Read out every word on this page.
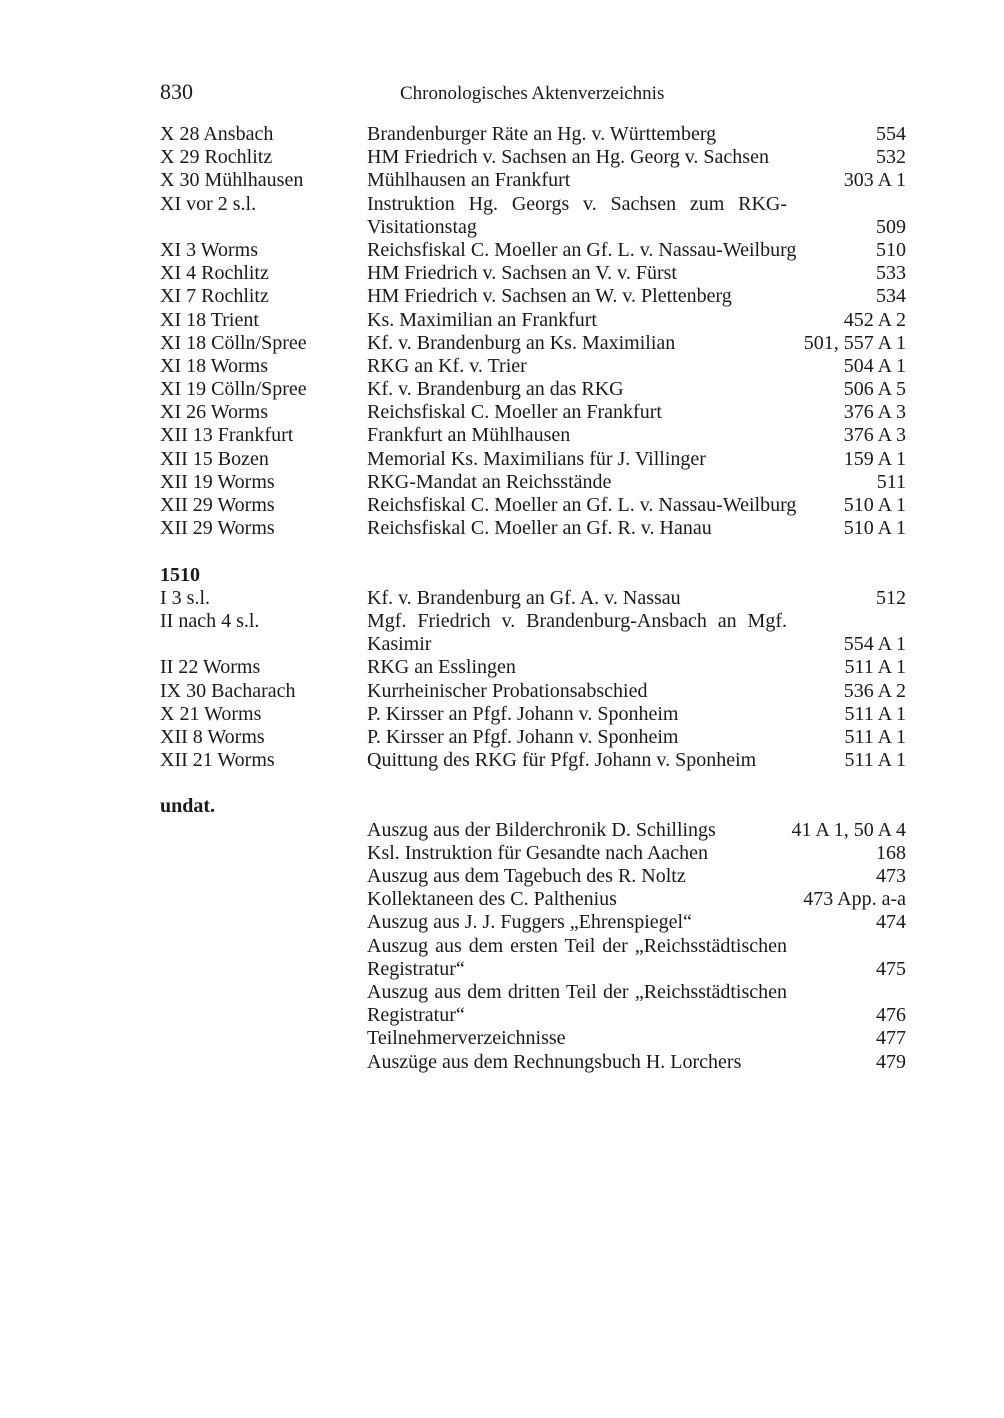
830	Chronologisches Aktenverzeichnis
X 28 Ansbach	Brandenburger Räte an Hg. v. Württemberg	554
X 29 Rochlitz	HM Friedrich v. Sachsen an Hg. Georg v. Sachsen	532
X 30 Mühlhausen	Mühlhausen an Frankfurt	303 A 1
XI vor 2 s.l.	Instruktion Hg. Georgs v. Sachsen zum RKG-Visitationstag	509
XI 3 Worms	Reichsfiskal C. Moeller an Gf. L. v. Nassau-Weilburg	510
XI 4 Rochlitz	HM Friedrich v. Sachsen an V. v. Fürst	533
XI 7 Rochlitz	HM Friedrich v. Sachsen an W. v. Plettenberg	534
XI 18 Trient	Ks. Maximilian an Frankfurt	452 A 2
XI 18 Cölln/Spree	Kf. v. Brandenburg an Ks. Maximilian	501, 557 A 1
XI 18 Worms	RKG an Kf. v. Trier	504 A 1
XI 19 Cölln/Spree	Kf. v. Brandenburg an das RKG	506 A 5
XI 26 Worms	Reichsfiskal C. Moeller an Frankfurt	376 A 3
XII 13 Frankfurt	Frankfurt an Mühlhausen	376 A 3
XII 15 Bozen	Memorial Ks. Maximilians für J. Villinger	159 A 1
XII 19 Worms	RKG-Mandat an Reichsstände	511
XII 29 Worms	Reichsfiskal C. Moeller an Gf. L. v. Nassau-Weilburg 510 A 1
XII 29 Worms	Reichsfiskal C. Moeller an Gf. R. v. Hanau	510 A 1
1510
I 3 s.l.	Kf. v. Brandenburg an Gf. A. v. Nassau	512
II nach 4 s.l.	Mgf. Friedrich v. Brandenburg-Ansbach an Mgf. Kasimir	554 A 1
II 22 Worms	RKG an Esslingen	511 A 1
IX 30 Bacharach	Kurrheinischer Probationsabschied	536 A 2
X 21 Worms	P. Kirsser an Pfgf. Johann v. Sponheim	511 A 1
XII 8 Worms	P. Kirsser an Pfgf. Johann v. Sponheim	511 A 1
XII 21 Worms	Quittung des RKG für Pfgf. Johann v. Sponheim	511 A 1
undat.
Auszug aus der Bilderchronik D. Schillings	41 A 1, 50 A 4
Ksl. Instruktion für Gesandte nach Aachen	168
Auszug aus dem Tagebuch des R. Noltz	473
Kollektaneen des C. Palthenius	473 App. a-a
Auszug aus J. J. Fuggers „Ehrenspiegel“	474
Auszug aus dem ersten Teil der „Reichsstädtischen Registratur“	475
Auszug aus dem dritten Teil der „Reichsstädtischen Registratur“	476
Teilnehmerverzeichnisse	477
Auszüge aus dem Rechnungsbuch H. Lorchers	479
